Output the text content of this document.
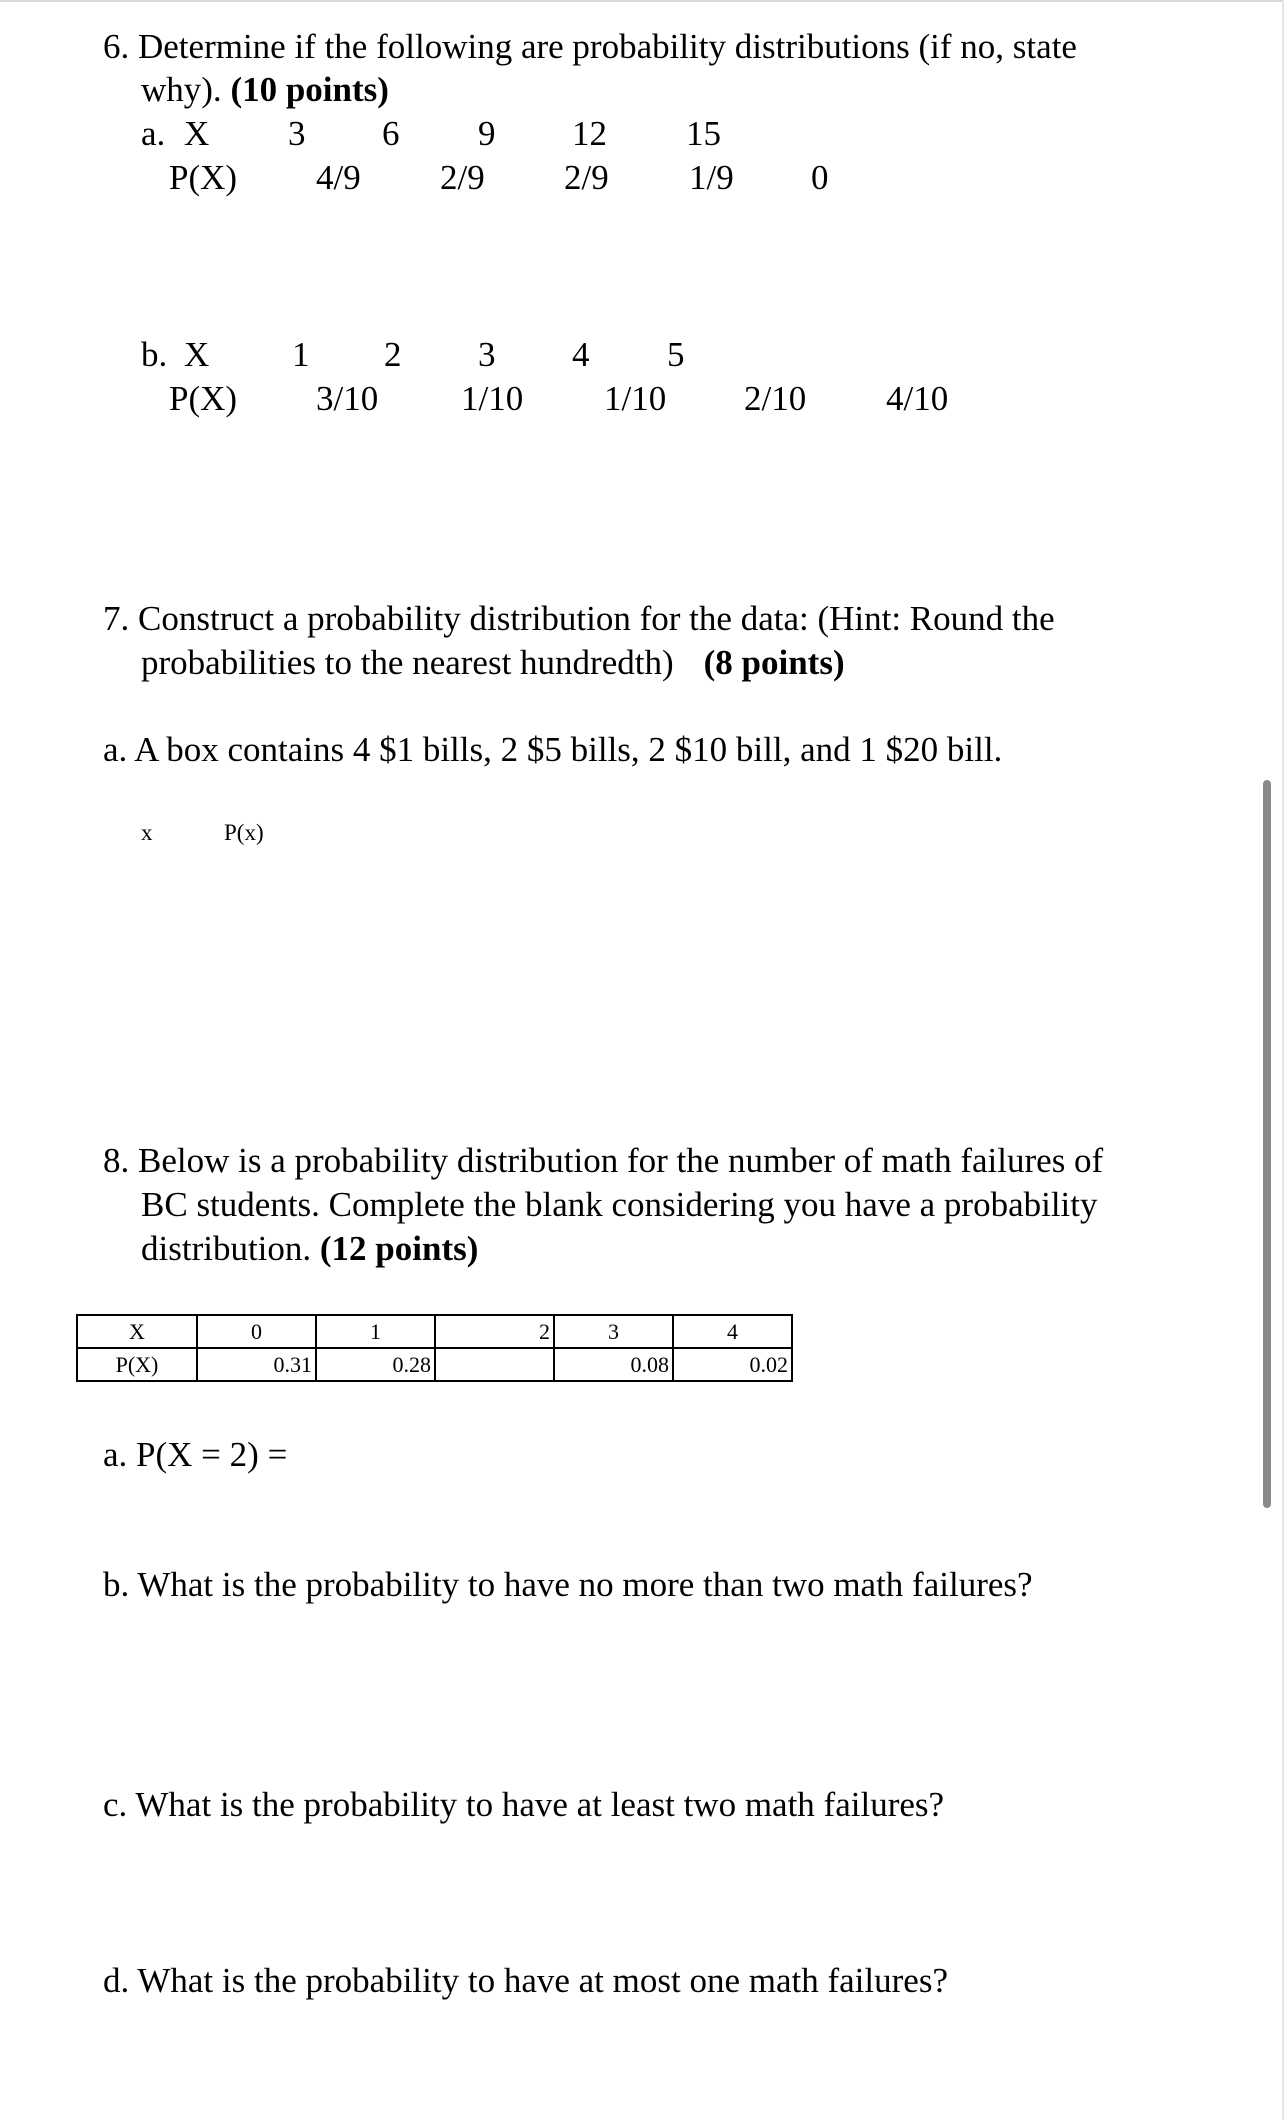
6. Determine if the following are probability distributions (if no, state
why). (10 points)
a. X 3 6 9 12 15
P(X) 4/9 2/9 2/9 1/9 0
b. X 1 2 3 4 5
P(X) 3/10 1/10 1/10 2/10 4/10
7. Construct a probability distribution for the data: (Hint: Round the
probabilities to the nearest hundredth) (8 points)
a. A box contains 4 $1 bills, 2 $5 bills, 2 $10 bill, and 1 $20 bill.
x	P(x)
8. Below is a probability distribution for the number of math failures of
BC students. Complete the blank considering you have a probability
distribution. (12 points)
X	0	1	2	3	4
P(X)	0.31	0.28		0.08	0.02
a. P(X = 2) =
b. What is the probability to have no more than two math failures?
c. What is the probability to have at least two math failures?
d. What is the probability to have at most one math failures?
